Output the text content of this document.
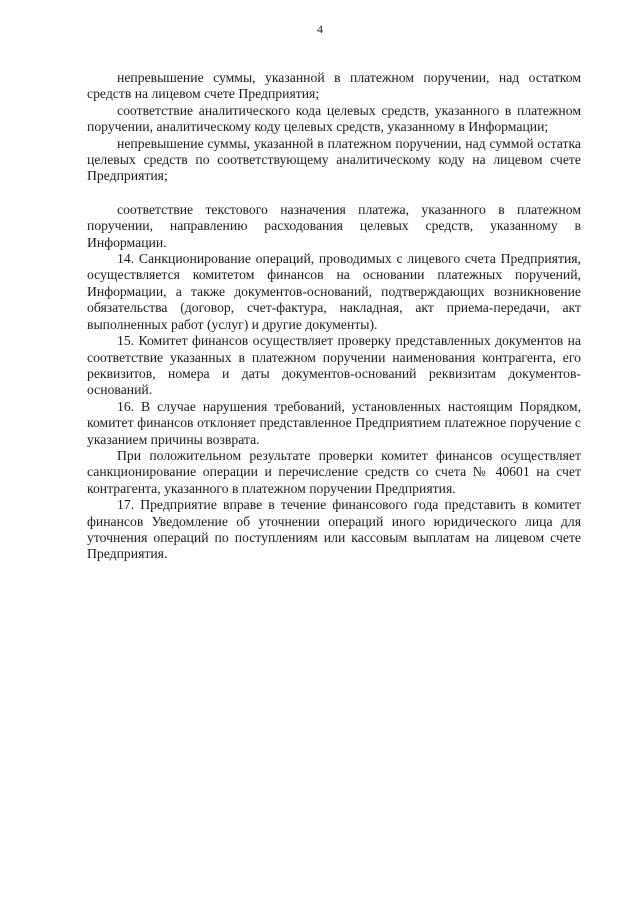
4

непревышение суммы, указанной в платежном поручении, над остатком средств на лицевом счете Предприятия;

соответствие аналитического кода целевых средств, указанного в платежном поручении, аналитическому коду целевых средств, указанному в Информации;

непревышение суммы, указанной в платежном поручении, над суммой остатка целевых средств по соответствующему аналитическому коду на лицевом счете Предприятия;

соответствие текстового назначения платежа, указанного в платежном поручении, направлению расходования целевых средств, указанному в Информации.

14. Санкционирование операций, проводимых с лицевого счета Предприятия, осуществляется комитетом финансов на основании платежных поручений, Информации, а также документов-оснований, подтверждающих возникновение обязательства (договор, счет-фактура, накладная, акт приема-передачи, акт выполненных работ (услуг) и другие документы).

15. Комитет финансов осуществляет проверку представленных документов на соответствие указанных в платежном поручении наименования контрагента, его реквизитов, номера и даты документов-оснований реквизитам документов-оснований.

16. В случае нарушения требований, установленных настоящим Порядком, комитет финансов отклоняет представленное Предприятием платежное поручение с указанием причины возврата.

При положительном результате проверки комитет финансов осуществляет санкционирование операции и перечисление средств со счета № 40601 на счет контрагента, указанного в платежном поручении Предприятия.

17. Предприятие вправе в течение финансового года представить в комитет финансов Уведомление об уточнении операций иного юридического лица для уточнения операций по поступлениям или кассовым выплатам на лицевом счете Предприятия.
